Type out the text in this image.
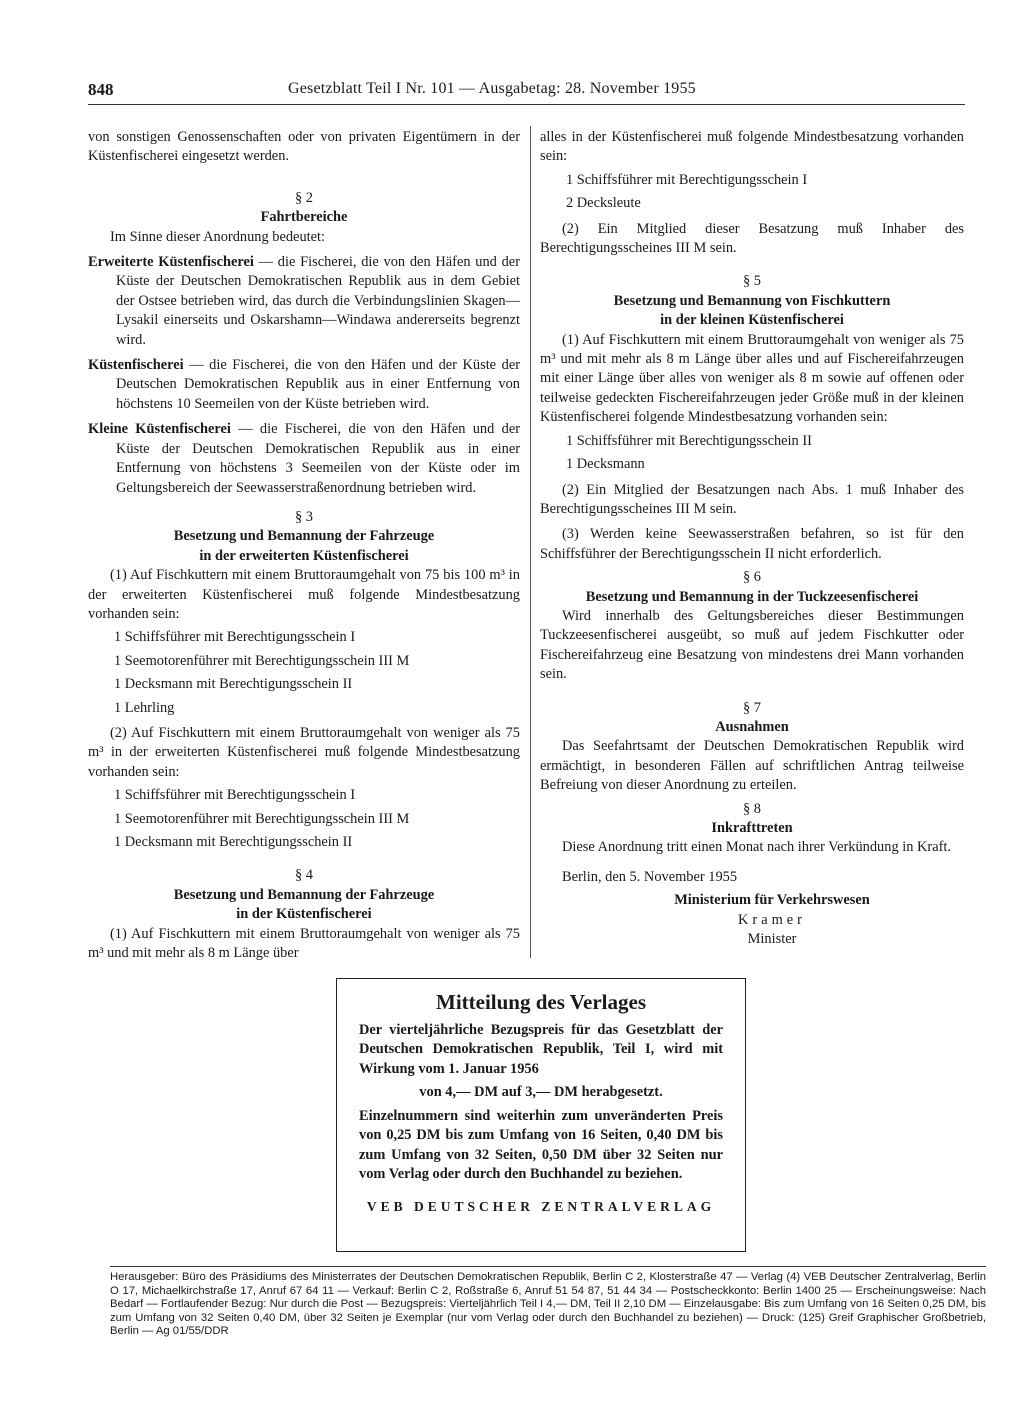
848	Gesetzblatt Teil I Nr. 101 — Ausgabetag: 28. November 1955

von sonstigen Genossenschaften oder von privaten Eigentümern in der Küstenfischerei eingesetzt werden.

§ 2

Fahrtbereiche

Im Sinne dieser Anordnung bedeutet:

Erweiterte Küstenfischerei — die Fischerei, die von den Häfen und der Küste der Deutschen Demokratischen Republik aus in dem Gebiet der Ostsee betrieben wird, das durch die Verbindungslinien Skagen—Lysakil einerseits und Oskarshamn—Windawa andererseits begrenzt wird.

Küstenfischerei — die Fischerei, die von den Häfen und der Küste der Deutschen Demokratischen Republik aus in einer Entfernung von höchstens 10 Seemeilen von der Küste betrieben wird.

Kleine Küstenfischerei — die Fischerei, die von den Häfen und der Küste der Deutschen Demokratischen Republik aus in einer Entfernung von höchstens 3 Seemeilen von der Küste oder im Geltungsbereich der Seewasserstraßenordnung betrieben wird.

§ 3

Besetzung und Bemannung der Fahrzeuge

in der erweiterten Küstenfischerei

(1) Auf Fischkuttern mit einem Bruttoraumgehalt von 75 bis 100 m³ in der erweiterten Küstenfischerei muß folgende Mindestbesatzung vorhanden sein:

1 Schiffsführer mit Berechtigungsschein I

1 Seemotorenführer mit Berechtigungsschein III M

1 Decksmann mit Berechtigungsschein II

1 Lehrling

(2) Auf Fischkuttern mit einem Bruttoraumgehalt von weniger als 75 m³ in der erweiterten Küstenfischerei muß folgende Mindestbesatzung vorhanden sein:

1 Schiffsführer mit Berechtigungsschein I

1 Seemotorenführer mit Berechtigungsschein III M

1 Decksmann mit Berechtigungsschein II

§ 4

Besetzung und Bemannung der Fahrzeuge

in der Küstenfischerei

(1) Auf Fischkuttern mit einem Bruttoraumgehalt von weniger als 75 m³ und mit mehr als 8 m Länge über

alles in der Küstenfischerei muß folgende Mindestbesatzung vorhanden sein:

1 Schiffsführer mit Berechtigungsschein I

2 Decksleute

(2) Ein Mitglied dieser Besatzung muß Inhaber des Berechtigungsscheines III M sein.

§ 5

Besetzung und Bemannung von Fischkuttern

in der kleinen Küstenfischerei

(1) Auf Fischkuttern mit einem Bruttoraumgehalt von weniger als 75 m³ und mit mehr als 8 m Länge über alles und auf Fischereifahrzeugen mit einer Länge über alles von weniger als 8 m sowie auf offenen oder teilweise gedeckten Fischereifahrzeugen jeder Größe muß in der kleinen Küstenfischerei folgende Mindestbesatzung vorhanden sein:

1 Schiffsführer mit Berechtigungsschein II

1 Decksmann

(2) Ein Mitglied der Besatzungen nach Abs. 1 muß Inhaber des Berechtigungsscheines III M sein.

(3) Werden keine Seewasserstraßen befahren, so ist für den Schiffsführer der Berechtigungsschein II nicht erforderlich.

§ 6

Besetzung und Bemannung in der Tuckzeesenfischerei

Wird innerhalb des Geltungsbereiches dieser Bestimmungen Tuckzeesenfischerei ausgeübt, so muß auf jedem Fischkutter oder Fischereifahrzeug eine Besatzung von mindestens drei Mann vorhanden sein.

§ 7

Ausnahmen

Das Seefahrtsamt der Deutschen Demokratischen Republik wird ermächtigt, in besonderen Fällen auf schriftlichen Antrag teilweise Befreiung von dieser Anordnung zu erteilen.

§ 8

Inkrafttreten

Diese Anordnung tritt einen Monat nach ihrer Verkündung in Kraft.

Berlin, den 5. November 1955

Ministerium für Verkehrswesen

Kramer

Minister

Mitteilung des Verlages

Der vierteljährliche Bezugspreis für das Gesetzblatt der Deutschen Demokratischen Republik, Teil I, wird mit Wirkung vom 1. Januar 1956

von 4,— DM auf 3,— DM herabgesetzt.

Einzelnummern sind weiterhin zum unveränderten Preis von 0,25 DM bis zum Umfang von 16 Seiten, 0,40 DM bis zum Umfang von 32 Seiten, 0,50 DM über 32 Seiten nur vom Verlag oder durch den Buchhandel zu beziehen.

VEB DEUTSCHER ZENTRALVERLAG
Herausgeber: Büro des Präsidiums des Ministerrates der Deutschen Demokratischen Republik, Berlin C 2, Klosterstraße 47 — Verlag (4) VEB Deutscher Zentralverlag, Berlin O 17, Michaelkirchstraße 17, Anruf 67 64 11 — Verkauf: Berlin C 2, Roßstraße 6, Anruf 51 54 87, 51 44 34 — Postscheckkonto: Berlin 1400 25 — Erscheinungsweise: Nach Bedarf — Fortlaufender Bezug: Nur durch die Post — Bezugspreis: Vierteljährlich Teil I 4,— DM, Teil II 2,10 DM — Einzelausgabe: Bis zum Umfang von 16 Seiten 0,25 DM, bis zum Umfang von 32 Seiten 0,40 DM, über 32 Seiten je Exemplar (nur vom Verlag oder durch den Buchhandel zu beziehen) — Druck: (125) Greif Graphischer Großbetrieb, Berlin — Ag 01/55/DDR
